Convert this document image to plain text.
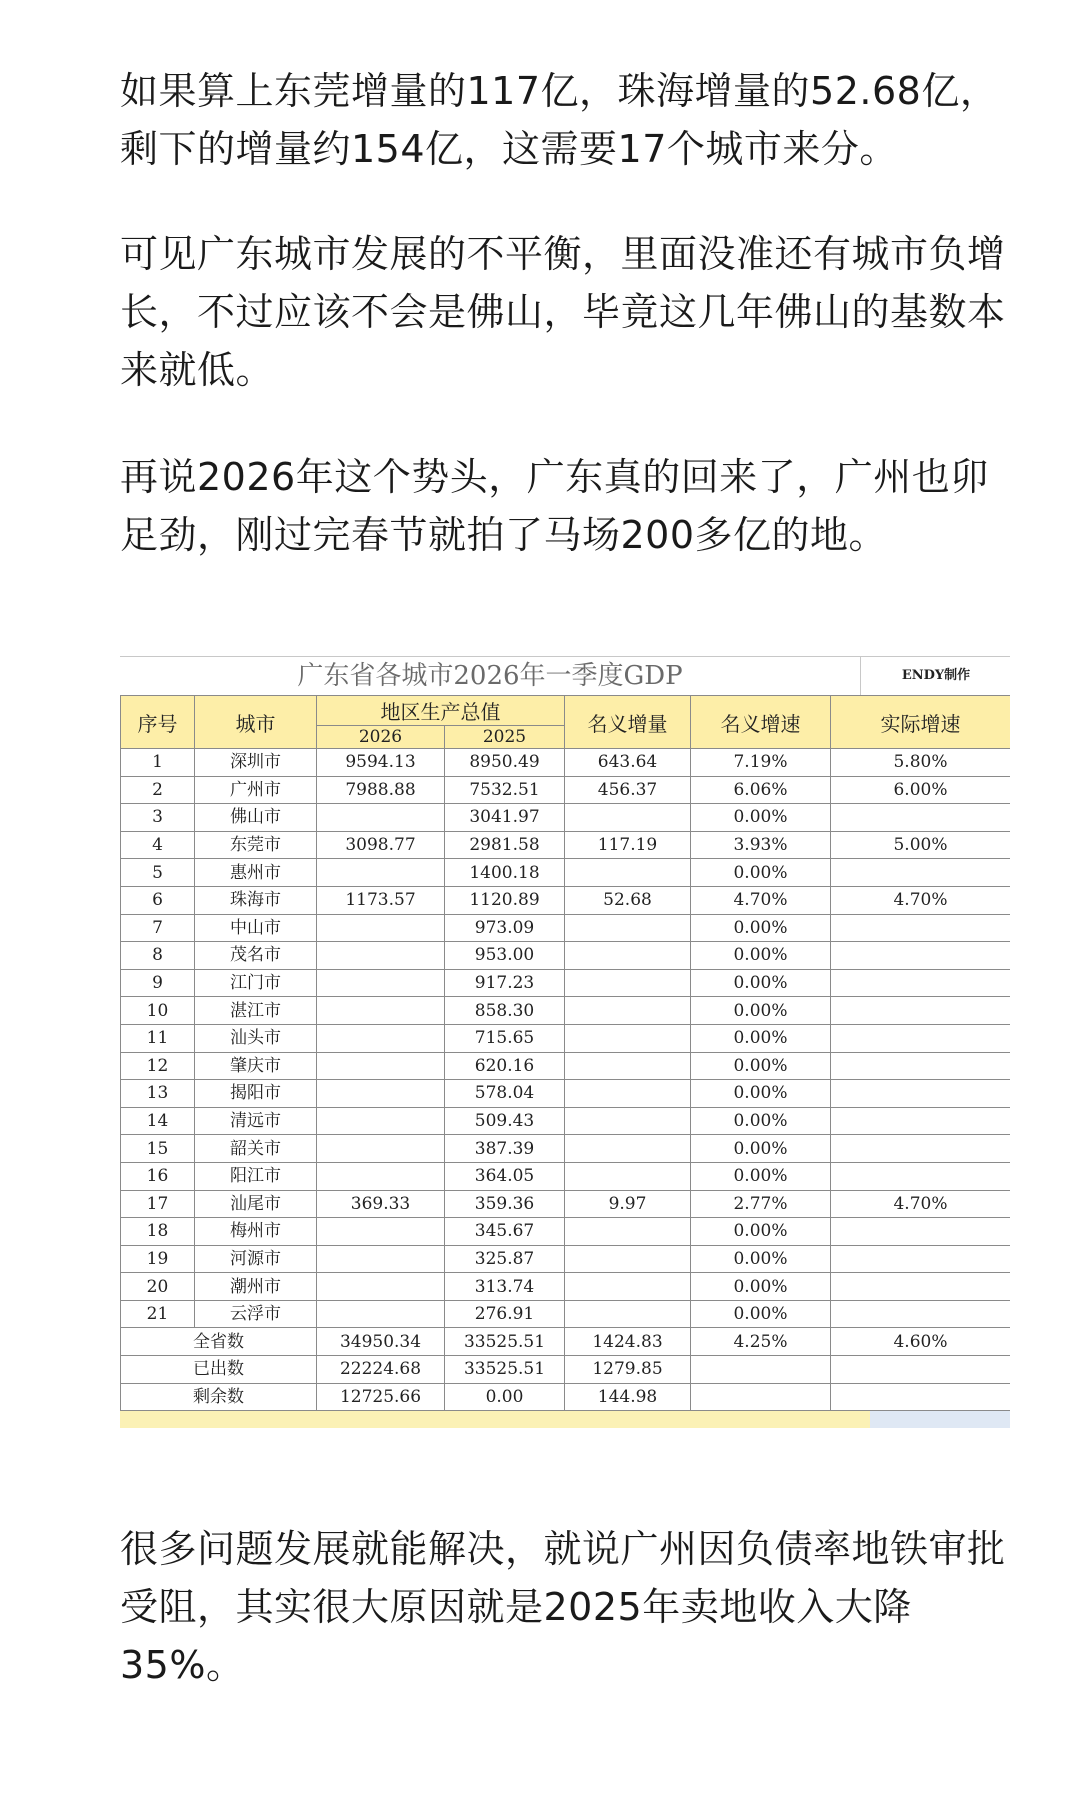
如果算上东莞增量的117亿，珠海增量的52.68亿，剩下的增量约154亿，这需要17个城市来分。

可见广东城市发展的不平衡，里面没准还有城市负增长，不过应该不会是佛山，毕竟这几年佛山的基数本来就低。

再说2026年这个势头，广东真的回来了，广州也卯足劲，刚过完春节就拍了马场200多亿的地。

广东省各城市2026年一季度GDP	ENDY制作
序号	城市	地区生产总值		名义增量	名义增速	实际增速
		2026	2025			
1	深圳市	9594.13	8950.49	643.64	7.19%	5.80%
2	广州市	7988.88	7532.51	456.37	6.06%	6.00%
3	佛山市		3041.97		0.00%	
4	东莞市	3098.77	2981.58	117.19	3.93%	5.00%
5	惠州市		1400.18		0.00%	
6	珠海市	1173.57	1120.89	52.68	4.70%	4.70%
7	中山市		973.09		0.00%	
8	茂名市		953.00		0.00%	
9	江门市		917.23		0.00%	
10	湛江市		858.30		0.00%	
11	汕头市		715.65		0.00%	
12	肇庆市		620.16		0.00%	
13	揭阳市		578.04		0.00%	
14	清远市		509.43		0.00%	
15	韶关市		387.39		0.00%	
16	阳江市		364.05		0.00%	
17	汕尾市	369.33	359.36	9.97	2.77%	4.70%
18	梅州市		345.67		0.00%	
19	河源市		325.87		0.00%	
20	潮州市		313.74		0.00%	
21	云浮市		276.91		0.00%	
全省数		34950.34	33525.51	1424.83	4.25%	4.60%
已出数		22224.68	33525.51	1279.85		
剩余数		12725.66	0.00	144.98		

很多问题发展就能解决，就说广州因负债率地铁审批受阻，其实很大原因就是2025年卖地收入大降35%。
